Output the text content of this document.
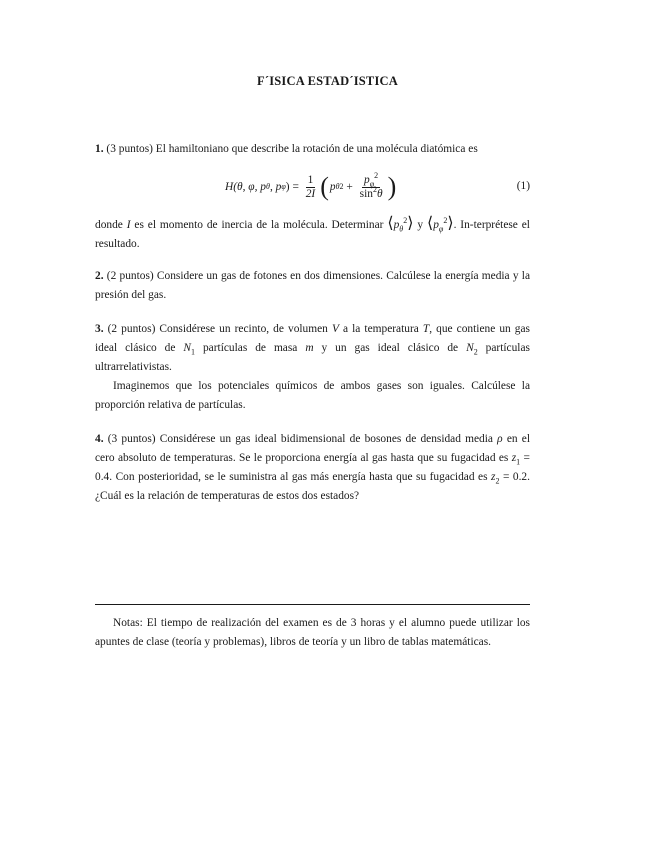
F´ISICA ESTAD´ISTICA

1. (3 puntos) El hamiltoniano que describe la rotación de una molécula diatómica es

H(θ, φ, p θ , p φ ) = $\frac{1}{2I}$ ( p θ $2 + \frac{p_\varphi^2}{\sin^2\theta}$ )	(1)

donde I es el momento de inercia de la molécula. Determinar $⟨p_\theta^2⟩$ y $⟨p_\varphi^2⟩$. In-terprétese el resultado.

2. (2 puntos) Considere un gas de fotones en dos dimensiones. Calcúlese la energía media y la presión del gas.

3. (2 puntos) Considérese un recinto, de volumen V a la temperatura T, que contiene un gas ideal clásico de $N_1$ partículas de masa m y un gas ideal clásico de $N_2$ partículas ultrarrelativistas.

Imaginemos que los potenciales químicos de ambos gases son iguales. Calcúlese la proporción relativa de partículas.

4. (3 puntos) Considérese un gas ideal bidimensional de bosones de densidad media ρ en el cero absoluto de temperaturas. Se le proporciona energía al gas hasta que su fugacidad es $z_1 = 0.4$. Con posterioridad, se le suministra al gas más energía hasta que su fugacidad es $z_2$ = 0.2.¿Cuál es la relación de temperaturas de estos dos estados?

Notas: El tiempo de realización del examen es de 3 horas y el alumno puede utilizar los apuntes de clase (teoría y problemas), libros de teoría y un libro de tablas matemáticas.
